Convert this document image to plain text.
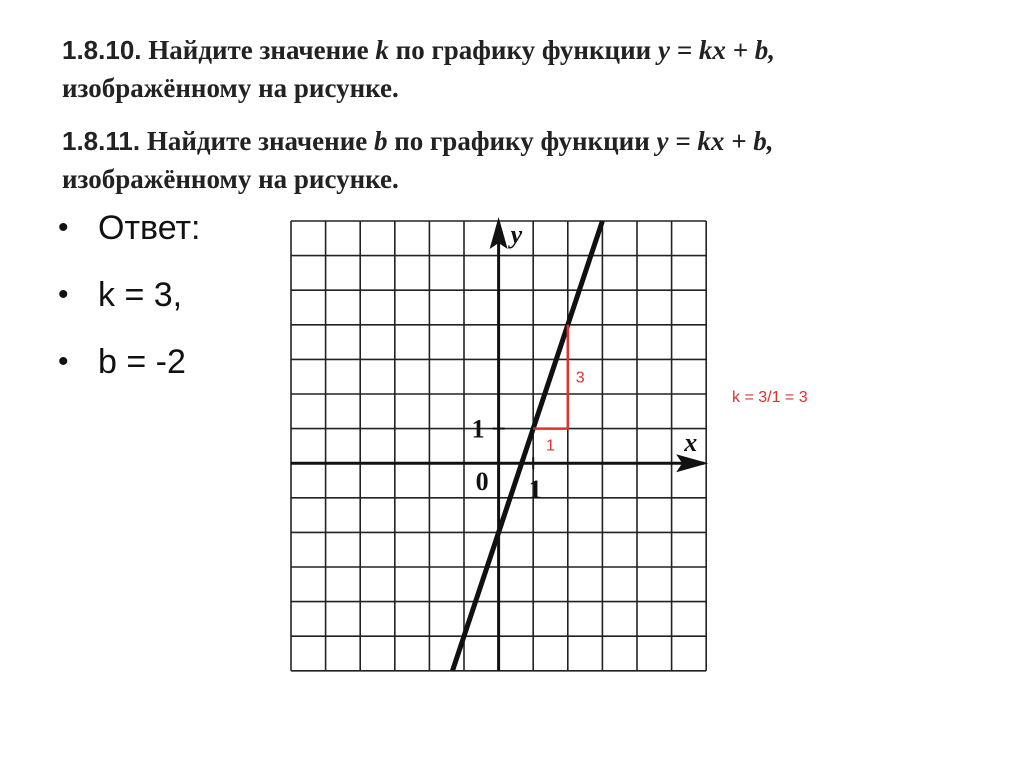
1.8.10. Найдите значение k по графику функции y = kx + b,
изображённому на рисунке.
1.8.11. Найдите значение b по графику функции y = kx + b,
изображённому на рисунке.
• Ответ:
• k = 3,
• b = -2
y
x
0 1
1
1
3
k = 3/1 = 3
